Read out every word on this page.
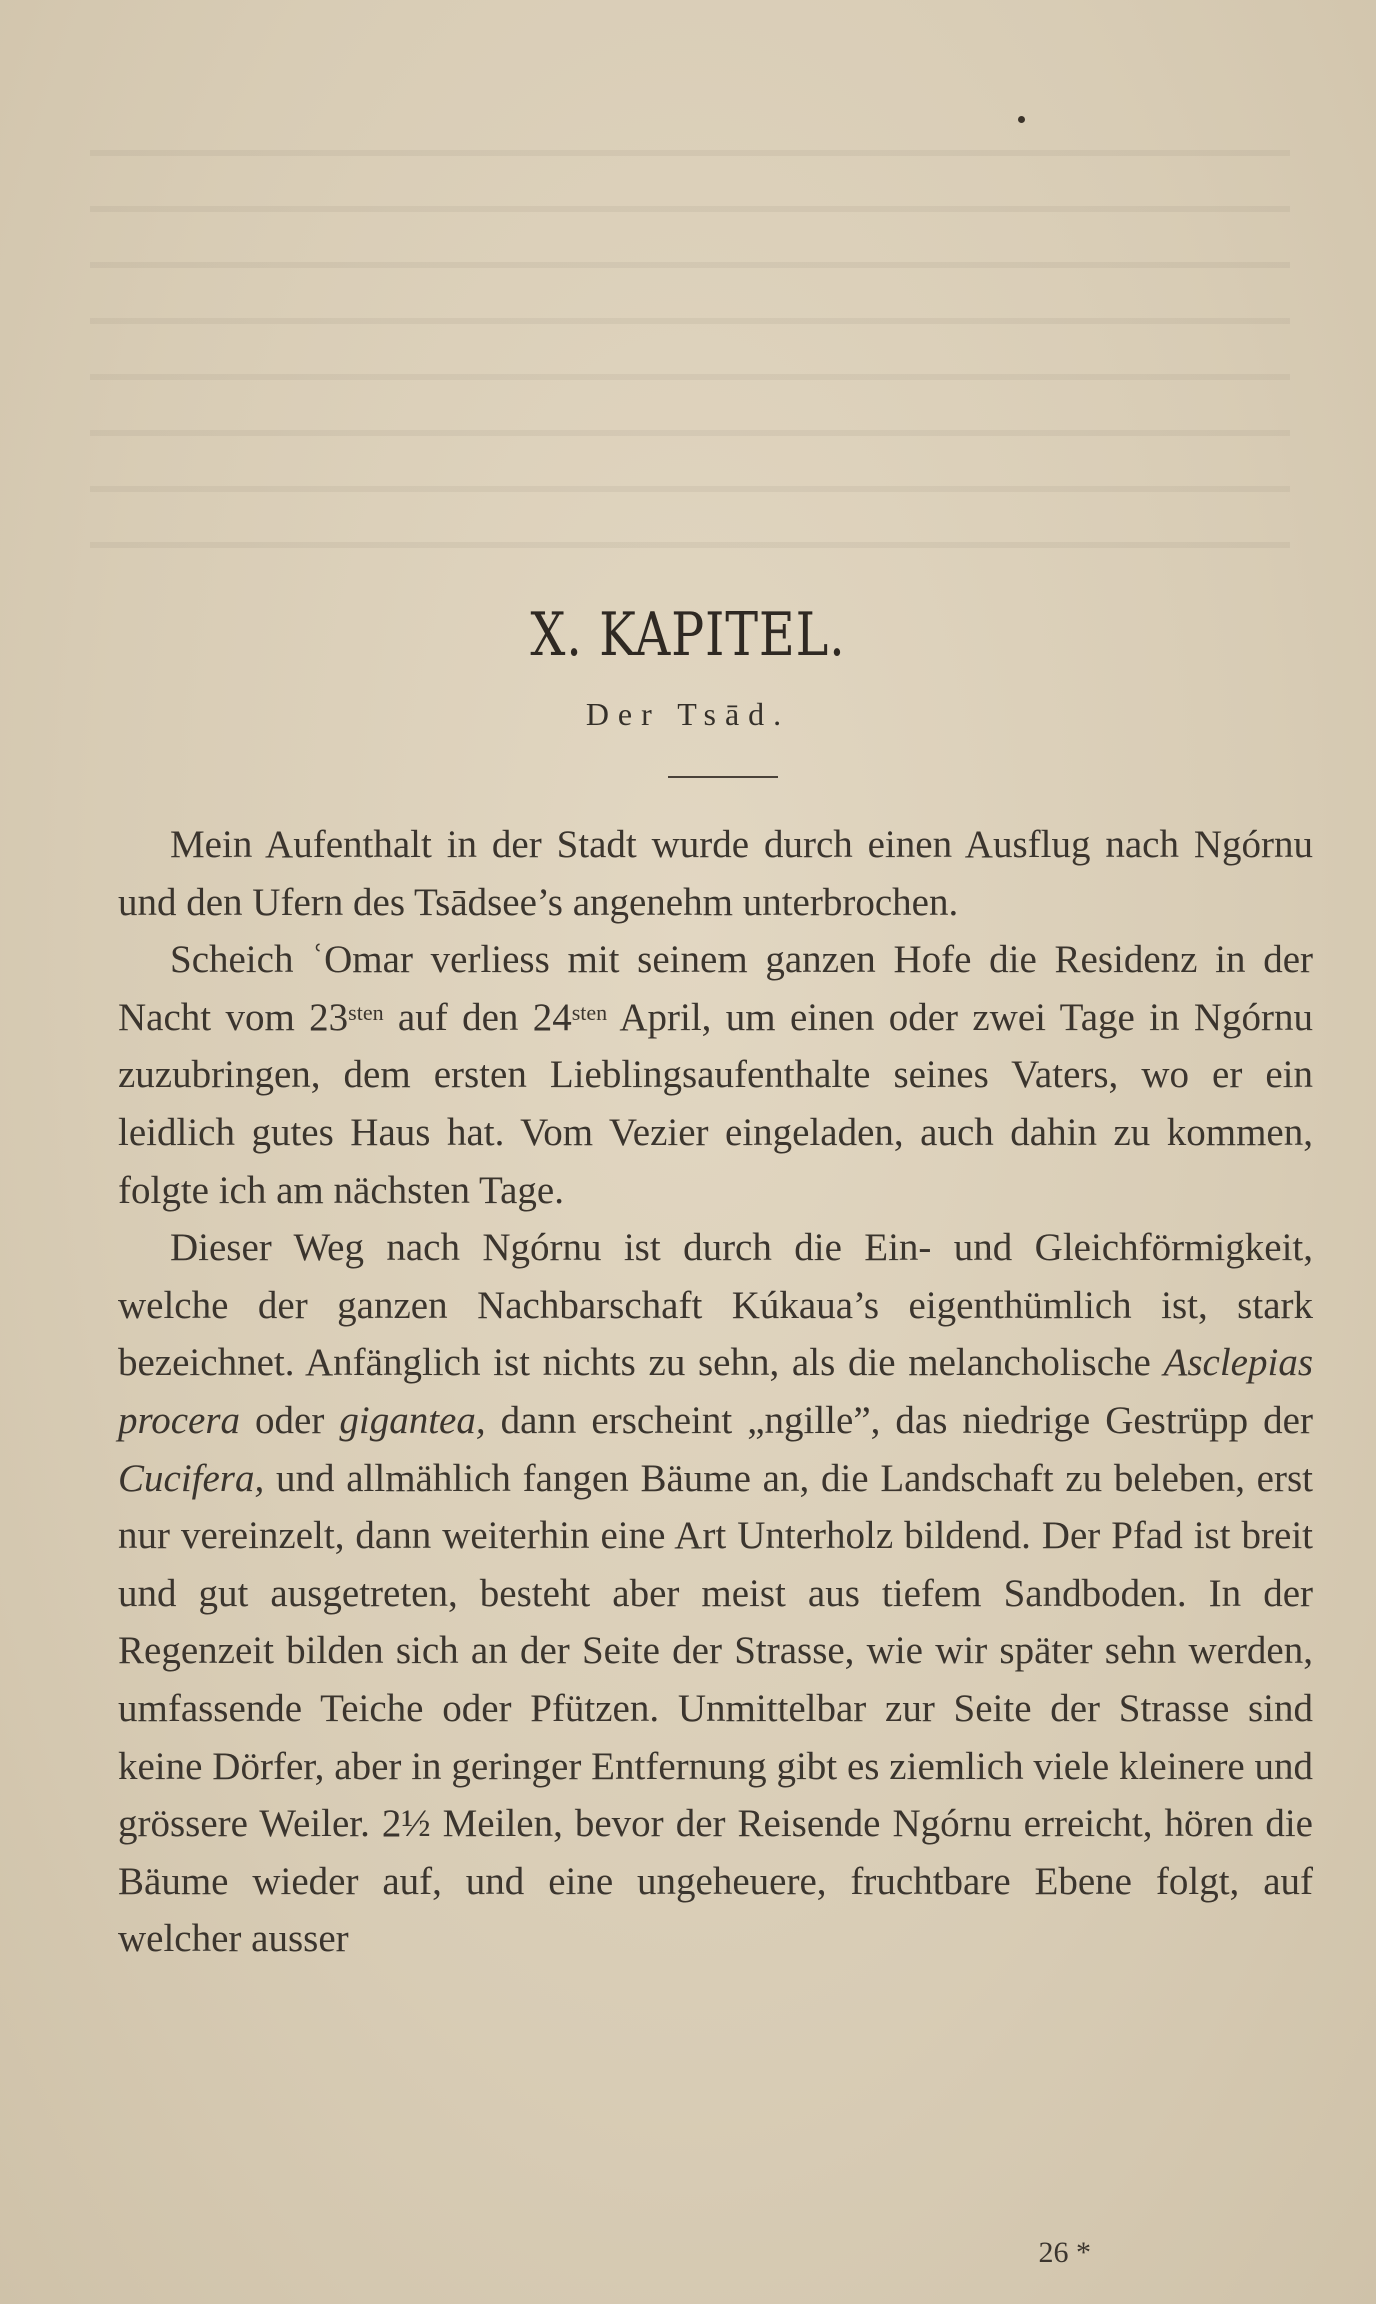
X. KAPITEL.
Der Tsād.

Mein Aufenthalt in der Stadt wurde durch einen Ausflug nach Ngórnu und den Ufern des Tsādsee’s angenehm unterbrochen.

Scheich ʿOmar verliess mit seinem ganzen Hofe die Residenz in der Nacht vom $23^{sten}$ auf den $24^{sten}$ April, um einen oder zwei Tage in Ngórnu zuzubringen, dem ersten Lieblingsaufenthalte seines Vaters, wo er ein leidlich gutes Haus hat. Vom Vezier eingeladen, auch dahin zu kommen, folgte ich am nächsten Tage.

Dieser Weg nach Ngórnu ist durch die Ein- und Gleichförmigkeit, welche der ganzen Nachbarschaft Kúkaua’s eigenthümlich ist, stark bezeichnet. Anfänglich ist nichts zu sehn, als die melancholische Asclepias procera oder gigantea, dann erscheint „ngille”, das niedrige Gestrüpp der Cucifera, und allmählich fangen Bäume an, die Landschaft zu beleben, erst nur vereinzelt, dann weiterhin eine Art Unterholz bildend. Der Pfad ist breit und gut ausgetreten, besteht aber meist aus tiefem Sandboden. In der Regenzeit bilden sich an der Seite der Strasse, wie wir später sehn werden, umfassende Teiche oder Pfützen. Unmittelbar zur Seite der Strasse sind keine Dörfer, aber in geringer Entfernung gibt es ziemlich viele kleinere und grössere Weiler. 2½ Meilen, bevor der Reisende Ngórnu erreicht, hören die Bäume wieder auf, und eine ungeheuere, fruchtbare Ebene folgt, auf welcher ausser

26 *
